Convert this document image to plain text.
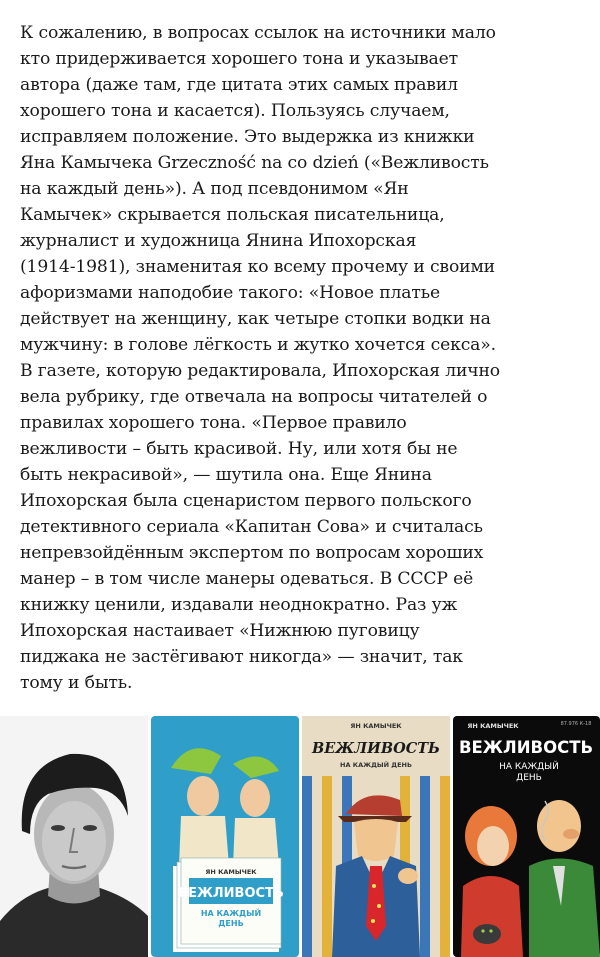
К сожалению, в вопросах ссылок на источники мало
кто придерживается хорошего тона и указывает
автора (даже там, где цитата этих самых правил
хорошего тона и касается). Пользуясь случаем,
исправляем положение. Это выдержка из книжки
Яна Камычека Grzeczność na co dzień («Вежливость
на каждый день»). А под псевдонимом «Ян
Камычек» скрывается польская писательница,
журналист и художница Янина Ипохорская
(1914-1981), знаменитая ко всему прочему и своими
афоризмами наподобие такого: «Новое платье
действует на женщину, как четыре стопки водки на
мужчину: в голове лёгкость и жутко хочется секса».
В газете, которую редактировала, Ипохорская лично
вела рубрику, где отвечала на вопросы читателей о
правилах хорошего тона. «Первое правило
вежливости – быть красивой. Ну, или хотя бы не
быть некрасивой», — шутила она. Еще Янина
Ипохорская была сценаристом первого польского
детективного сериала «Капитан Сова» и считалась
непревзойдённым экспертом по вопросам хороших
манер – в том числе манеры одеваться. В СССР её
книжку ценили, издавали неоднократно. Раз уж
Ипохорская настаивает «Нижнюю пуговицу
пиджака не застёгивают никогда» — значит, так
тому и быть.
ЯН КАМЫЧЕК
ВЕЖЛИВОСТЬ
НА КАЖДЫЙ
ДЕНЬ
ЯН КАМЫЧЕК
ВЕЖЛИВОСТЬ
НА КАЖДЫЙ ДЕНЬ
ЯН КАМЫЧЕК	87.976 К-18
ВЕЖЛИВОСТЬ
НА КАЖДЫЙ
ДЕНЬ
